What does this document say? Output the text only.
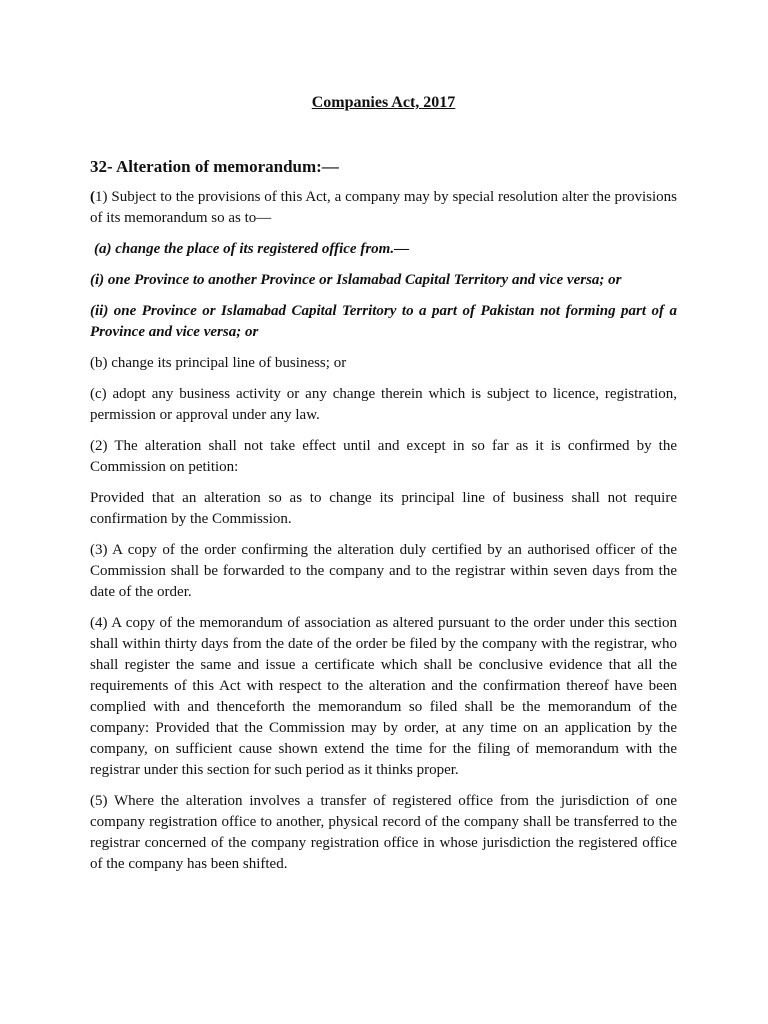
Companies Act, 2017
32- Alteration of memorandum:—

(1) Subject to the provisions of this Act, a company may by special resolution alter the provisions of its memorandum so as to—

(a) change the place of its registered office from.—

(i) one Province to another Province or Islamabad Capital Territory and vice versa; or

(ii) one Province or Islamabad Capital Territory to a part of Pakistan not forming part of a Province and vice versa; or

(b) change its principal line of business; or

(c) adopt any business activity or any change therein which is subject to licence, registration, permission or approval under any law.

(2) The alteration shall not take effect until and except in so far as it is confirmed by the Commission on petition:

Provided that an alteration so as to change its principal line of business shall not require confirmation by the Commission.

(3) A copy of the order confirming the alteration duly certified by an authorised officer of the Commission shall be forwarded to the company and to the registrar within seven days from the date of the order.

(4) A copy of the memorandum of association as altered pursuant to the order under this section shall within thirty days from the date of the order be filed by the company with the registrar, who shall register the same and issue a certificate which shall be conclusive evidence that all the requirements of this Act with respect to the alteration and the confirmation thereof have been complied with and thenceforth the memorandum so filed shall be the memorandum of the company: Provided that the Commission may by order, at any time on an application by the company, on sufficient cause shown extend the time for the filing of memorandum with the registrar under this section for such period as it thinks proper.

(5) Where the alteration involves a transfer of registered office from the jurisdiction of one company registration office to another, physical record of the company shall be transferred to the registrar concerned of the company registration office in whose jurisdiction the registered office of the company has been shifted.
